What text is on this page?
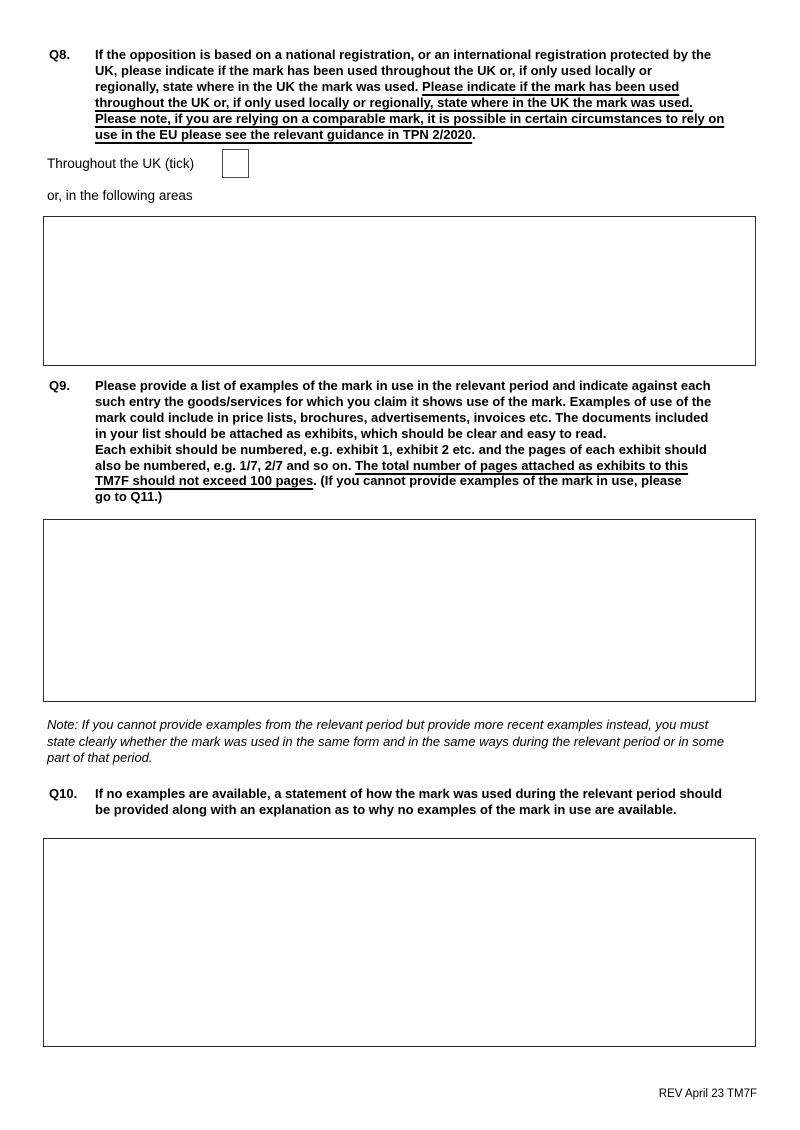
Q8. If the opposition is based on a national registration, or an international registration protected by the
UK, please indicate if the mark has been used throughout the UK or, if only used locally or
regionally, state where in the UK the mark was used. Please indicate if the mark has been used
throughout the UK or, if only used locally or regionally, state where in the UK the mark was used.
Please note, if you are relying on a comparable mark, it is possible in certain circumstances to rely on
use in the EU please see the relevant guidance in TPN 2/2020.
Throughout the UK (tick)
or, in the following areas
Q9. Please provide a list of examples of the mark in use in the relevant period and indicate against each
such entry the goods/services for which you claim it shows use of the mark. Examples of use of the
mark could include in price lists, brochures, advertisements, invoices etc. The documents included
in your list should be attached as exhibits, which should be clear and easy to read.
Each exhibit should be numbered, e.g. exhibit 1, exhibit 2 etc. and the pages of each exhibit should
also be numbered, e.g. 1/7, 2/7 and so on. The total number of pages attached as exhibits to this
TM7F should not exceed 100 pages. (If you cannot provide examples of the mark in use, please
go to Q11.)
Note: If you cannot provide examples from the relevant period but provide more recent examples instead, you must
state clearly whether the mark was used in the same form and in the same ways during the relevant period or in some
part of that period.
Q10. If no examples are available, a statement of how the mark was used during the relevant period should
be provided along with an explanation as to why no examples of the mark in use are available.
REV April 23 TM7F
